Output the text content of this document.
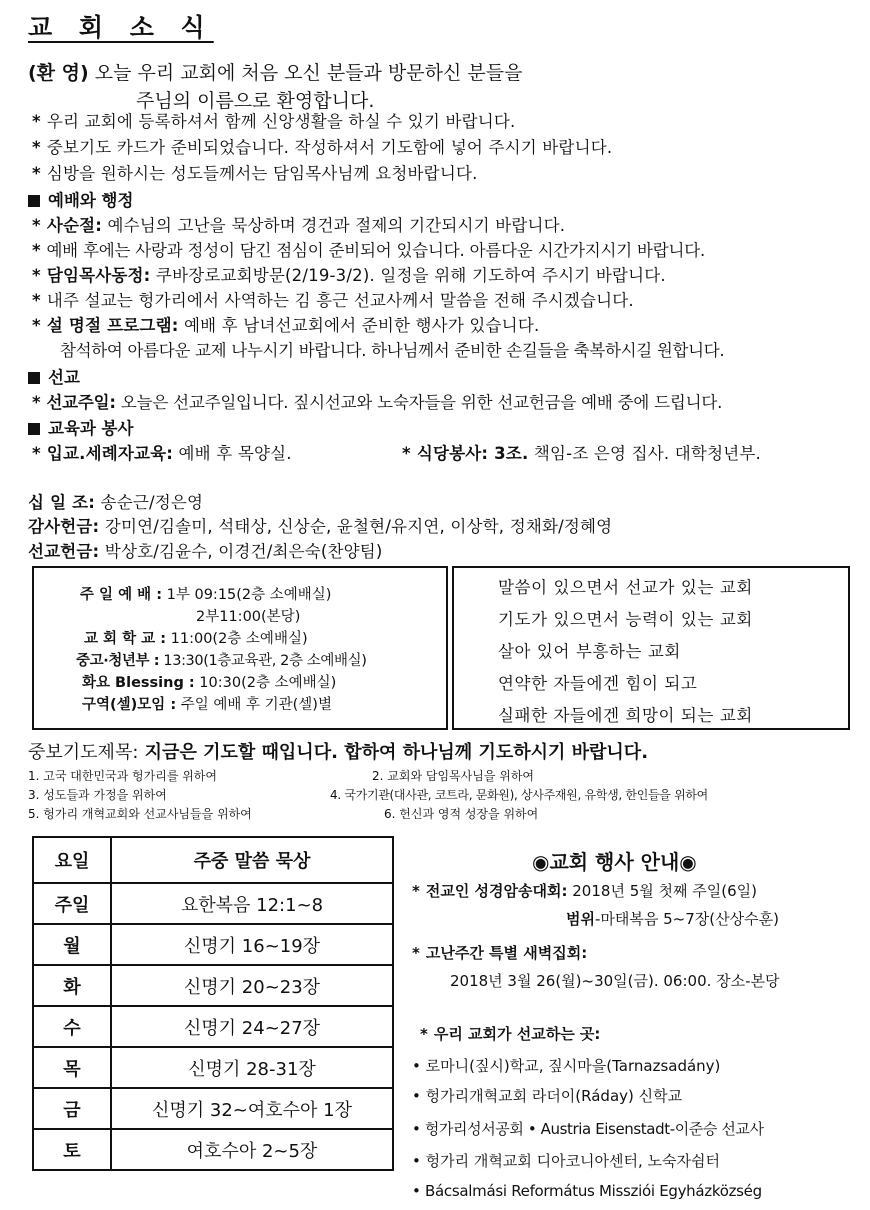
교 회 소 식
(환 영) 오늘 우리 교회에 처음 오신 분들과 방문하신 분들을
주님의 이름으로 환영합니다.
* 우리 교회에 등록하셔서 함께 신앙생활을 하실 수 있기 바랍니다.
* 중보기도 카드가 준비되었습니다. 작성하셔서 기도함에 넣어 주시기 바랍니다.
* 심방을 원하시는 성도들께서는 담임목사님께 요청바랍니다.
예배와 행정
* 사순절: 예수님의 고난을 묵상하며 경건과 절제의 기간되시기 바랍니다.
* 예배 후에는 사랑과 정성이 담긴 점심이 준비되어 있습니다. 아름다운 시간가지시기 바랍니다.
* 담임목사동정: 쿠바장로교회방문(2/19-3/2). 일정을 위해 기도하여 주시기 바랍니다.
* 내주 설교는 헝가리에서 사역하는 김 흥근 선교사께서 말씀을 전해 주시겠습니다.
* 설 명절 프로그램: 예배 후 남녀선교회에서 준비한 행사가 있습니다.
참석하여 아름다운 교제 나누시기 바랍니다. 하나님께서 준비한 손길들을 축복하시길 원합니다.
선교
* 선교주일: 오늘은 선교주일입니다. 짚시선교와 노숙자들을 위한 선교헌금을 예배 중에 드립니다.
교육과 봉사
* 입교.세례자교육: 예배 후 목양실.	* 식당봉사: 3조. 책임-조 은영 집사. 대학청년부.
십 일 조: 송순근/정은영
감사헌금: 강미연/김솔미, 석태상, 신상순, 윤철현/유지연, 이상학, 정채화/정혜영
선교헌금: 박상호/김윤수, 이경건/최은숙(찬양팀)
주 일 예 배 : 1부 09:15(2층 소예배실)
2부11:00(본당)
교 회 학 교 : 11:00(2층 소예배실)
중고·청년부 : 13:30(1층교육관, 2층 소예배실)
화요 Blessing : 10:30(2층 소예배실)
구역(셀)모임 : 주일 예배 후 기관(셀)별
말씀이 있으면서 선교가 있는 교회
기도가 있으면서 능력이 있는 교회
살아 있어 부흥하는 교회
연약한 자들에겐 힘이 되고
실패한 자들에겐 희망이 되는 교회
중보기도제목: 지금은 기도할 때입니다. 합하여 하나님께 기도하시기 바랍니다.
1. 고국 대한민국과 헝가리를 위하여	2. 교회와 담임목사님을 위하여
3. 성도들과 가정을 위하여	4. 국가기관(대사관, 코트라, 문화원), 상사주재원, 유학생, 한인들을 위하여
5. 헝가리 개혁교회와 선교사님들을 위하여	6. 헌신과 영적 성장을 위하여
요일	주중 말씀 묵상
주일	요한복음 12:1~8
월	신명기 16~19장
화	신명기 20~23장
수	신명기 24~27장
목	신명기 28-31장
금	신명기 32~여호수아 1장
토	여호수아 2~5장
◉교회 행사 안내◉
* 전교인 성경암송대회: 2018년 5월 첫째 주일(6일)
범위-마태복음 5~7장(산상수훈)
* 고난주간 특별 새벽집회:
2018년 3월 26(월)~30일(금). 06:00. 장소-본당
* 우리 교회가 선교하는 곳:
• 로마니(짚시)학교, 짚시마을(Tarnazsadány)
• 헝가리개혁교회 라더이(Ráday) 신학교
• 헝가리성서공회 • Austria Eisenstadt-이준승 선교사
• 헝가리 개혁교회 디아코니아센터, 노숙자쉼터
• Bácsalmási Református Missziói Egyházközség
